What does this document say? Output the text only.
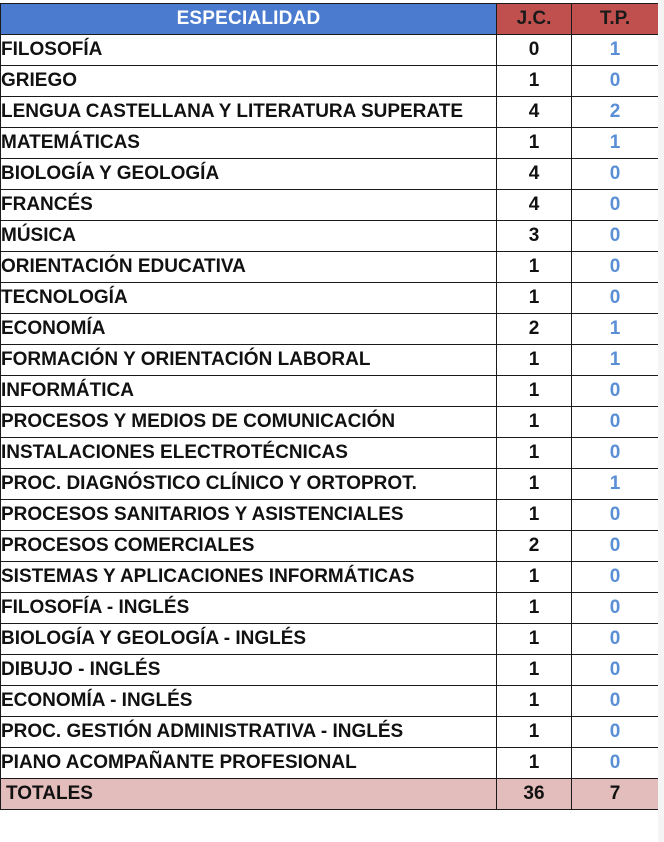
ESPECIALIDAD	J.C.	T.P.
FILOSOFÍA	0	1
GRIEGO	1	0
LENGUA CASTELLANA Y LITERATURA SUPERATE	4	2
MATEMÁTICAS	1	1
BIOLOGÍA Y GEOLOGÍA	4	0
FRANCÉS	4	0
MÚSICA	3	0
ORIENTACIÓN EDUCATIVA	1	0
TECNOLOGÍA	1	0
ECONOMÍA	2	1
FORMACIÓN Y ORIENTACIÓN LABORAL	1	1
INFORMÁTICA	1	0
PROCESOS Y MEDIOS DE COMUNICACIÓN	1	0
INSTALACIONES ELECTROTÉCNICAS	1	0
PROC. DIAGNÓSTICO CLÍNICO Y ORTOPROT.	1	1
PROCESOS SANITARIOS Y ASISTENCIALES	1	0
PROCESOS COMERCIALES	2	0
SISTEMAS Y APLICACIONES INFORMÁTICAS	1	0
FILOSOFÍA - INGLÉS	1	0
BIOLOGÍA Y GEOLOGÍA - INGLÉS	1	0
DIBUJO - INGLÉS	1	0
ECONOMÍA - INGLÉS	1	0
PROC. GESTIÓN ADMINISTRATIVA - INGLÉS	1	0
PIANO ACOMPAÑANTE PROFESIONAL	1	0
TOTALES	36	7
